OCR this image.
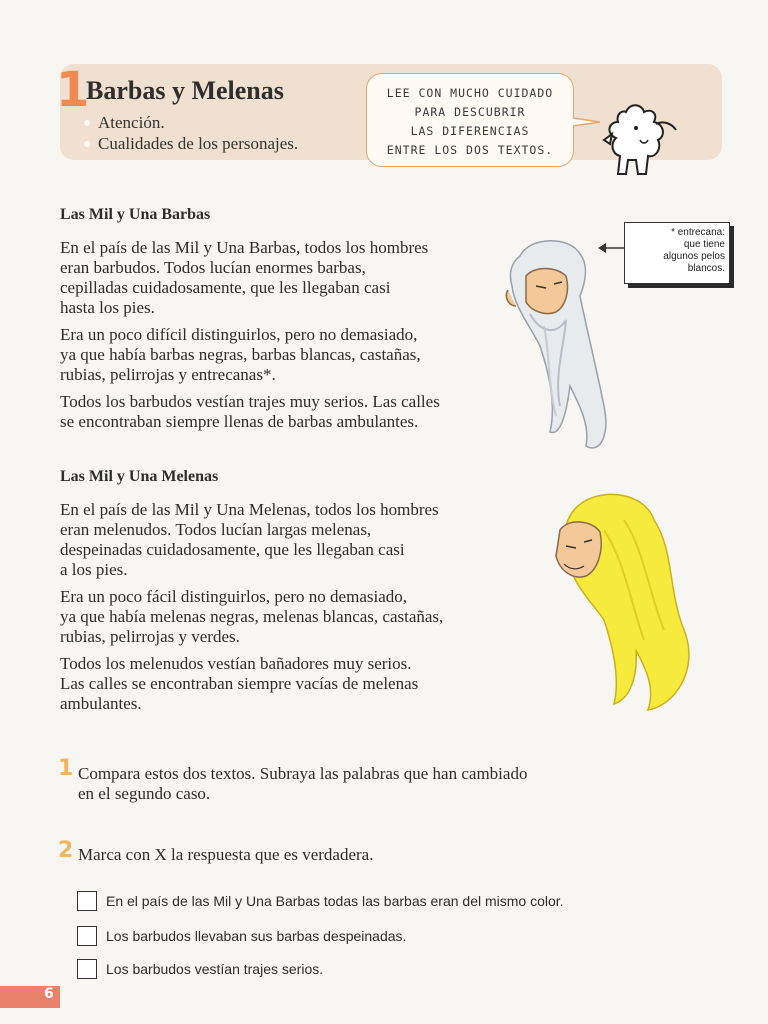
1
Barbas y Melenas
Atención.
Cualidades de los personajes.
LEE CON MUCHO CUIDADO
PARA DESCUBRIR
LAS DIFERENCIAS
ENTRE LOS DOS TEXTOS.
Las Mil y Una Barbas

En el país de las Mil y Una Barbas, todos los hombres
eran barbudos. Todos lucían enormes barbas,
cepilladas cuidadosamente, que les llegaban casi
hasta los pies.

Era un poco difícil distinguirlos, pero no demasiado,
ya que había barbas negras, barbas blancas, castañas,
rubias, pelirrojas y entrecanas*.

Todos los barbudos vestían trajes muy serios. Las calles
se encontraban siempre llenas de barbas ambulantes.

* entrecana:
que tiene
algunos pelos
blancos.
Las Mil y Una Melenas

En el país de las Mil y Una Melenas, todos los hombres
eran melenudos. Todos lucían largas melenas,
despeinadas cuidadosamente, que les llegaban casi
a los pies.

Era un poco fácil distinguirlos, pero no demasiado,
ya que había melenas negras, melenas blancas, castañas,
rubias, pelirrojas y verdes.

Todos los melenudos vestían bañadores muy serios.
Las calles se encontraban siempre vacías de melenas
ambulantes.

1 Compara estos dos textos. Subraya las palabras que han cambiado
en el segundo caso.
2 Marca con X la respuesta que es verdadera.
En el país de las Mil y Una Barbas todas las barbas eran del mismo color.
Los barbudos llevaban sus barbas despeinadas.
Los barbudos vestían trajes serios.
6
